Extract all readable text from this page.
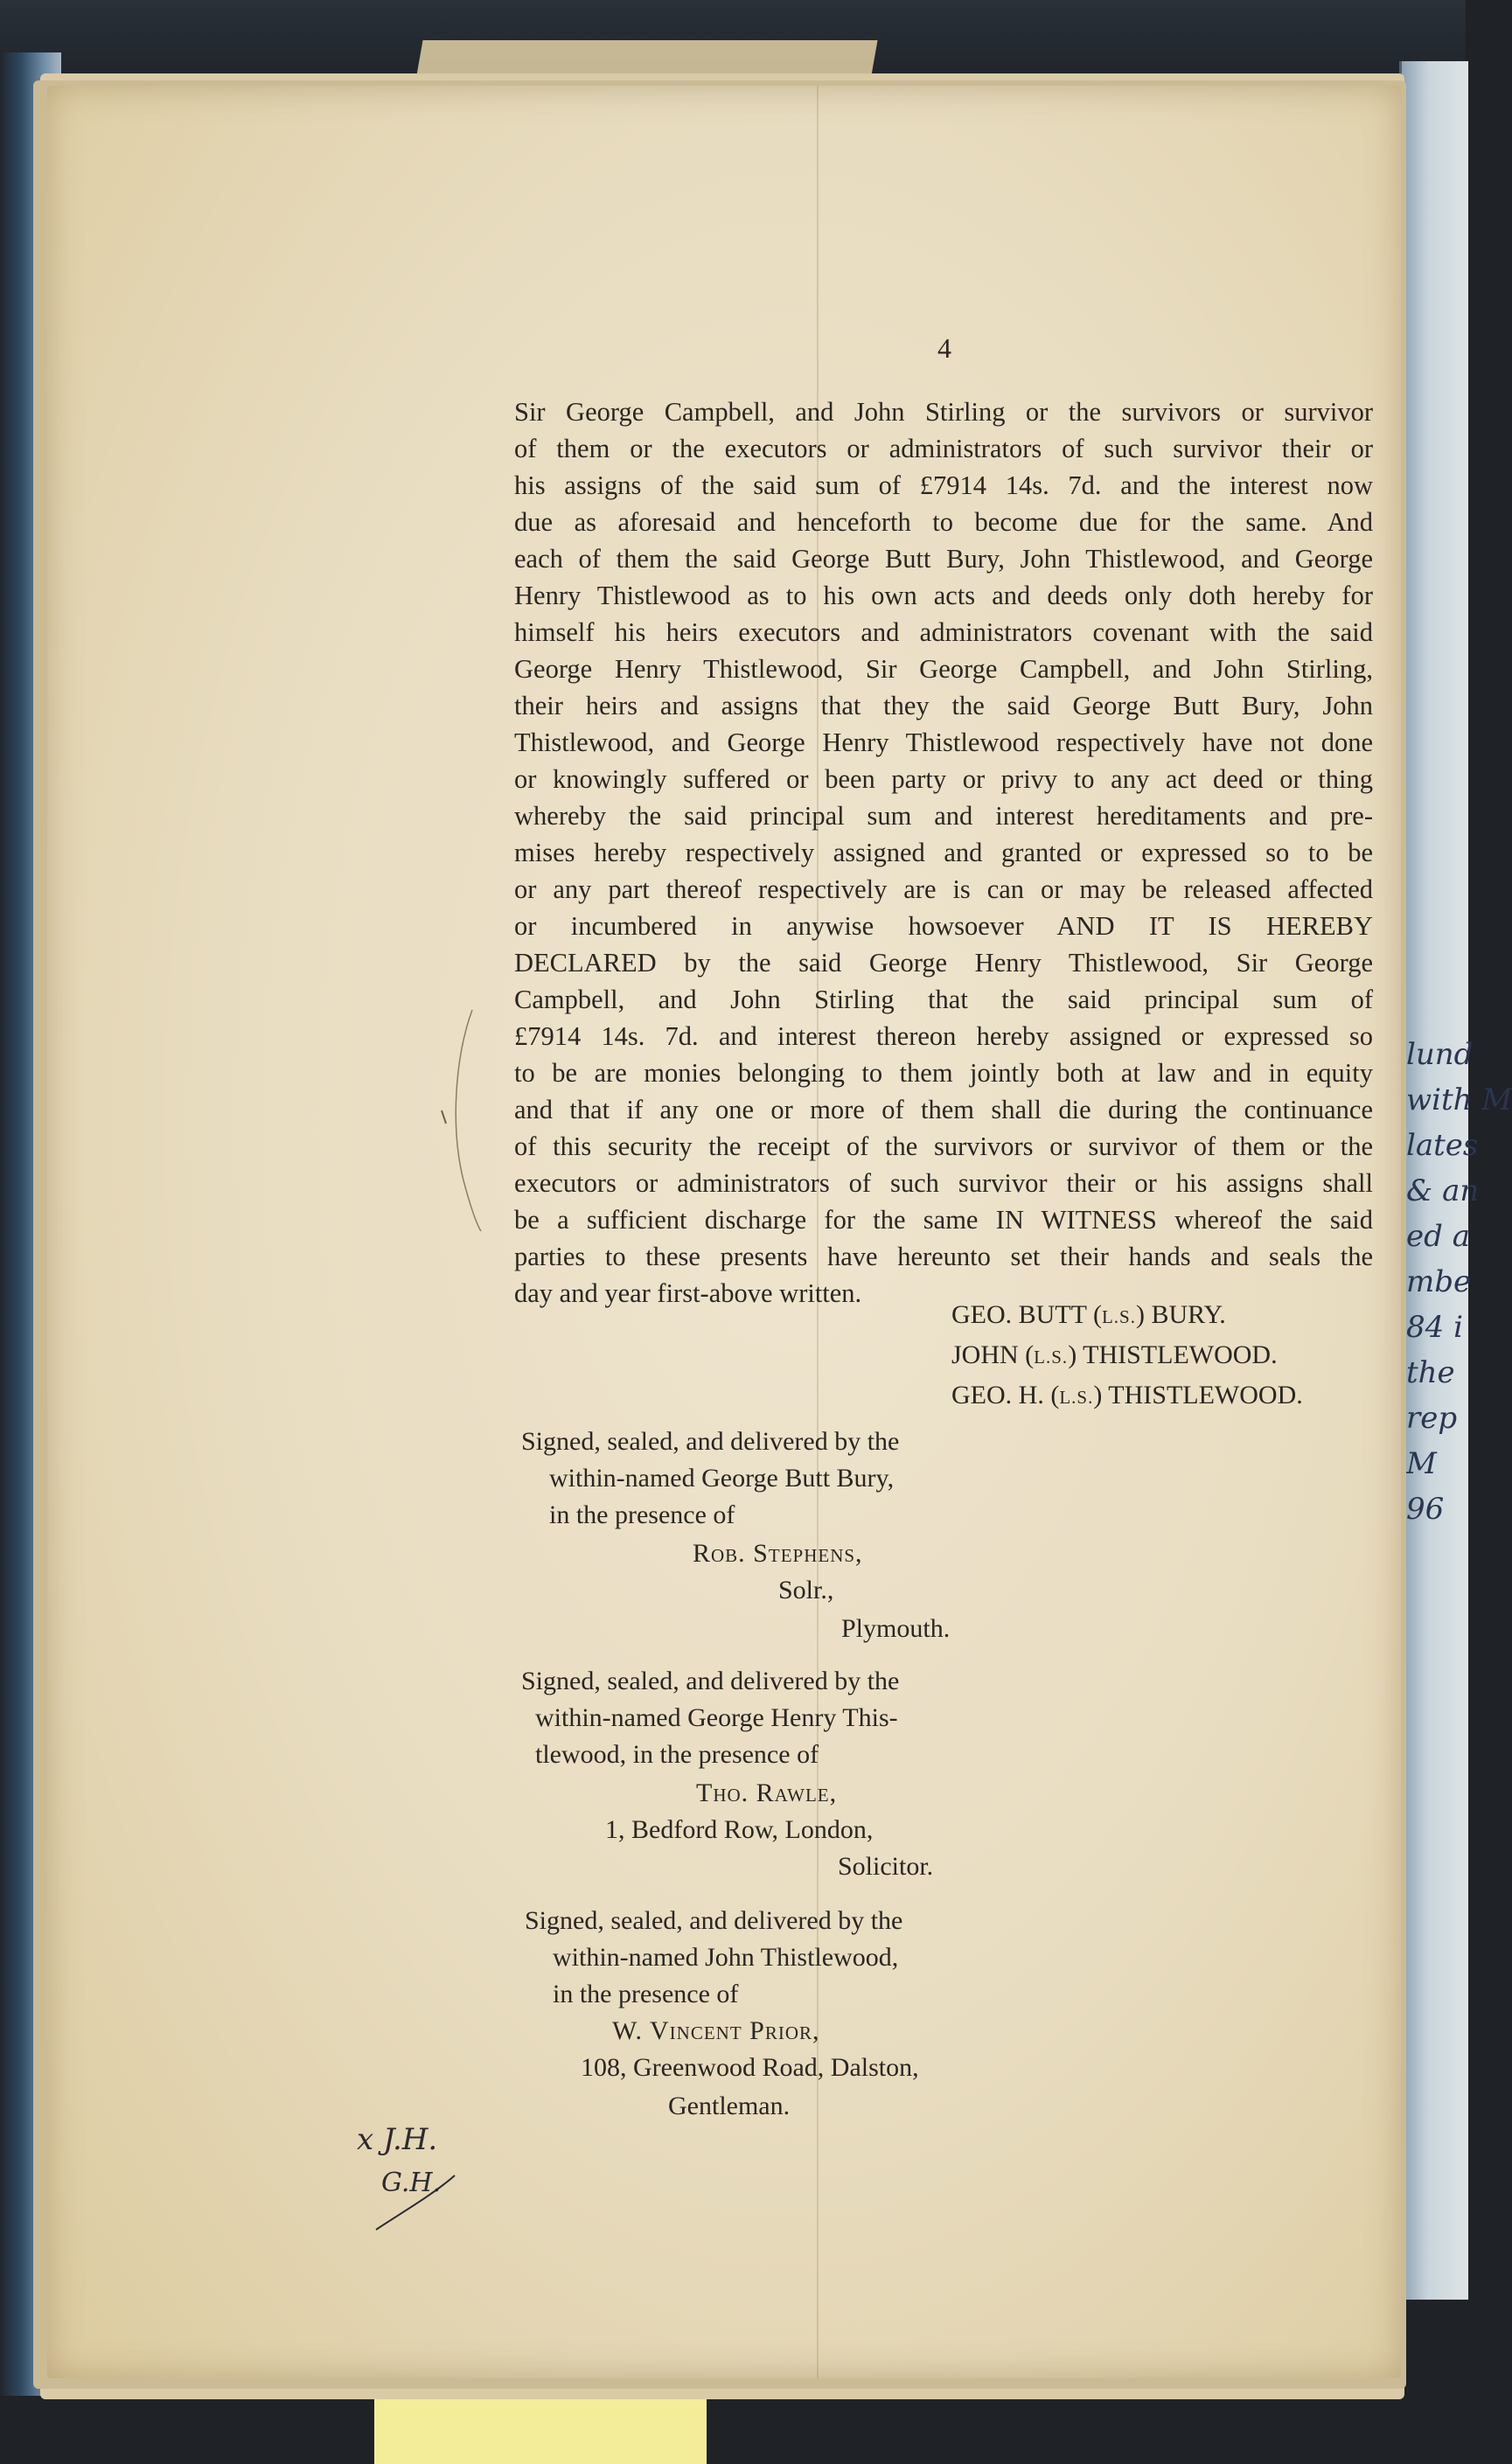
lund
with M
lates
& an
ed a
mbe
84 i
the
rep
M
96
4
Sir George Campbell, and John Stirling or the survivors or survivor
of them or the executors or administrators of such survivor their or
his assigns of the said sum of £7914 14s. 7d. and the interest now
due as aforesaid and henceforth to become due for the same. And
each of them the said George Butt Bury, John Thistlewood, and George
Henry Thistlewood as to his own acts and deeds only doth hereby for
himself his heirs executors and administrators covenant with the said
George Henry Thistlewood, Sir George Campbell, and John Stirling,
their heirs and assigns that they the said George Butt Bury, John
Thistlewood, and George Henry Thistlewood respectively have not done
or knowingly suffered or been party or privy to any act deed or thing
whereby the said principal sum and interest hereditaments and pre-
mises hereby respectively assigned and granted or expressed so to be
or any part thereof respectively are is can or may be released affected
or incumbered in anywise howsoever AND IT IS HEREBY
DECLARED by the said George Henry Thistlewood, Sir George
Campbell, and John Stirling that the said principal sum of
£7914 14s. 7d. and interest thereon hereby assigned or expressed so
to be are monies belonging to them jointly both at law and in equity
and that if any one or more of them shall die during the continuance
of this security the receipt of the survivors or survivor of them or the
executors or administrators of such survivor their or his assigns shall
be a sufficient discharge for the same IN WITNESS whereof the said
parties to these presents have hereunto set their hands and seals the
day and year first-above written.
GEO. BUTT (L.S.) BURY.
JOHN (L.S.) THISTLEWOOD.
GEO. H. (L.S.) THISTLEWOOD.
Signed, sealed, and delivered by the
within-named George Butt Bury,
in the presence of
Rob. Stephens,
Solr.,
Plymouth.
Signed, sealed, and delivered by the
within-named George Henry This-
tlewood, in the presence of
Tho. Rawle,
1, Bedford Row, London,
Solicitor.
Signed, sealed, and delivered by the
within-named John Thistlewood,
in the presence of
W. Vincent Prior,
108, Greenwood Road, Dalston,
Gentleman.
x J.H.
G.H.
